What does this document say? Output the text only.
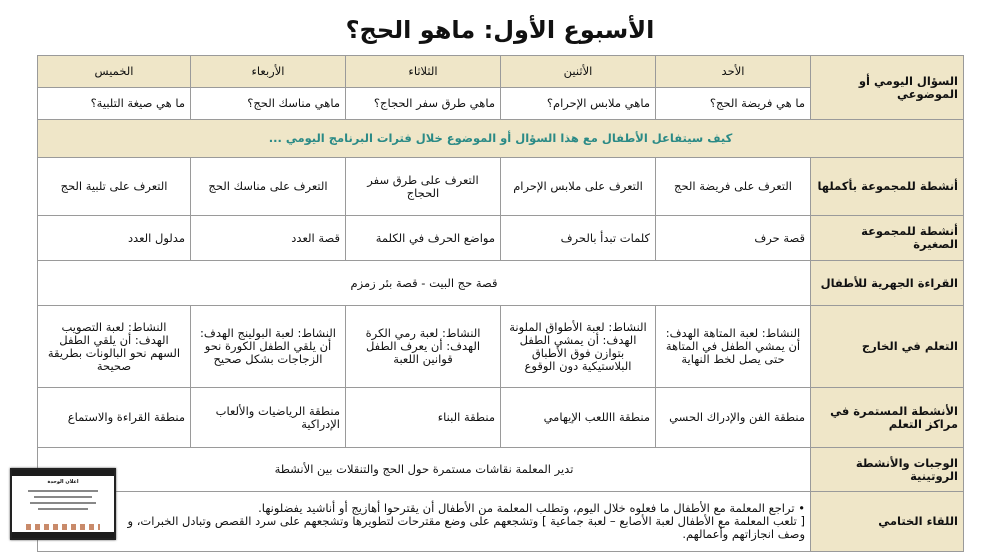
الأسبوع الأول: ماهو الحج؟
السؤال اليومي أو الموضوعي	الأحد	الأثنين	الثلاثاء	الأربعاء	الخميس
	ما هي فريضة الحج؟	ماهي ملابس الإحرام؟	ماهي طرق سفر الحجاج؟	ماهي مناسك الحج؟	ما هي صيغة التلبية؟
كيف سيتفاعل الأطفال مع هذا السؤال أو الموضوع خلال فترات البرنامج اليومي ...					
أنشطة للمجموعة بأكملها	التعرف على فريضة الحج	التعرف على ملابس الإحرام	التعرف على طرق سفر الحجاج	التعرف على مناسك الحج	التعرف على تلبية الحج
أنشطة للمجموعة الصغيرة	قصة حرف	كلمات تبدأ بالحرف	مواضع الحرف في الكلمة	قصة العدد	مدلول العدد
القراءة الجهرية للأطفال	قصة حج البيت - قصة بئر زمزم				
التعلم في الخارج	النشاط: لعبة المتاهة الهدف: أن يمشي الطفل في المتاهة حتى يصل لخط النهاية	النشاط: لعبة الأطواق الملونة الهدف: أن يمشي الطفل بتوازن فوق الأطباق البلاستيكية دون الوقوع	النشاط: لعبة رمي الكرة الهدف: أن يعرف الطفل قوانين اللعبة	النشاط: لعبة البولينج الهدف: أن يلقي الطفل الكورة نحو الزجاجات بشكل صحيح	النشاط: لعبة التصويب الهدف: أن يلقي الطفل السهم نحو البالونات بطريقة صحيحة
الأنشطة المستمرة في مراكز التعلم	منطقة الفن والإدراك الحسي	منطقة االلعب الإيهامي	منطقة البناء	منطقة الرياضيات والألعاب الإدراكية	منطقة القراءة والاستماع
الوجبات والأنشطة الروتينية	تدير المعلمة نقاشات مستمرة حول الحج والتنقلات بين الأنشطة				
اللقاء الختامي	• تراجع المعلمة مع الأطفال ما فعلوه خلال اليوم، وتطلب المعلمة من الأطفال أن يقترحوا أهازيج أو أناشيد يفضلونها.
[ تلعب المعلمة مع الأطفال لعبة الأصابع – لعبة جماعية ] وتشجعهم على وضع مقترحات لتطويرها وتشجعهم على سرد القصص وتبادل الخبرات، و
وصف انجازاتهم وأعمالهم.				
اعلان الوحدة
